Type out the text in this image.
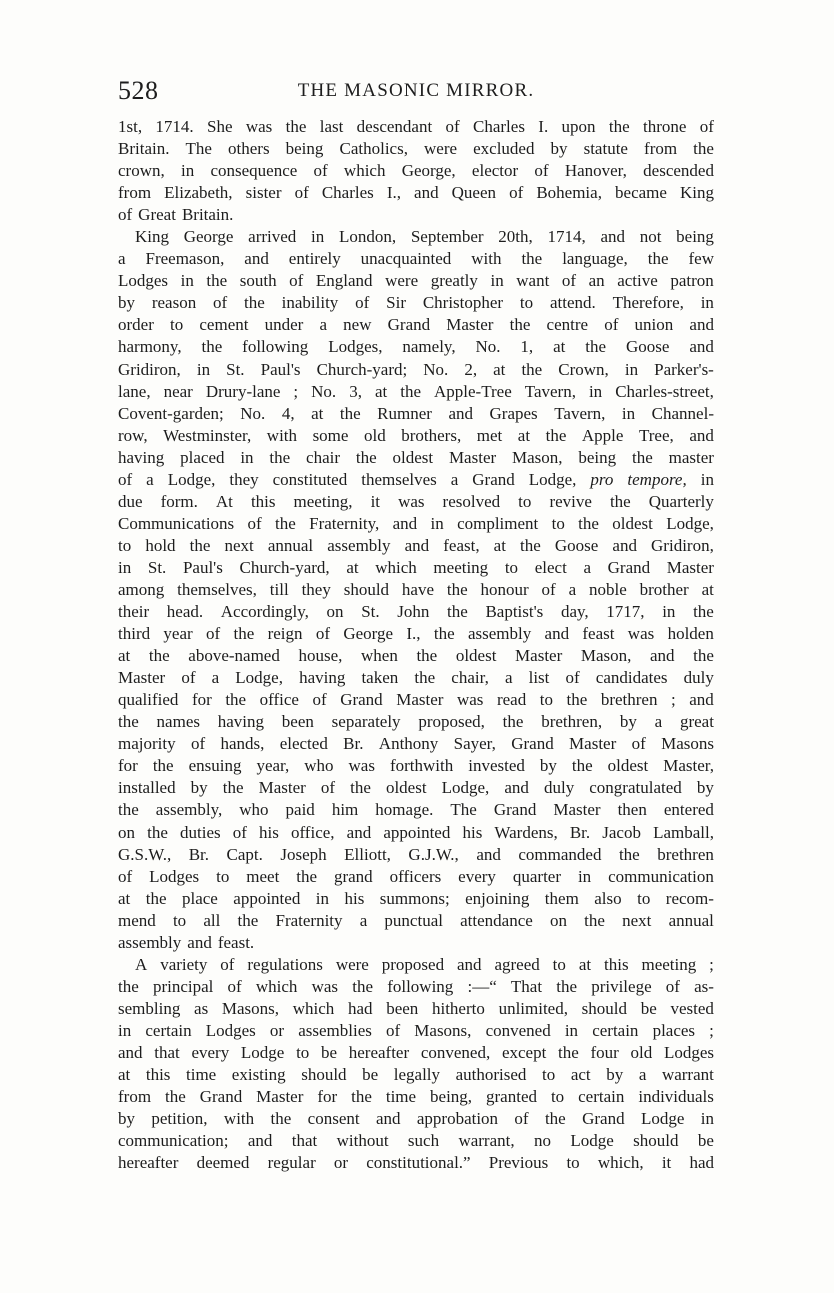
528	THE MASONIC MIRROR.
1st, 1714. She was the last descendant of Charles I. upon the throne of
Britain. The others being Catholics, were excluded by statute from the
crown, in consequence of which George, elector of Hanover, descended
from Elizabeth, sister of Charles I., and Queen of Bohemia, became King
of Great Britain.
King George arrived in London, September 20th, 1714, and not being
a Freemason, and entirely unacquainted with the language, the few
Lodges in the south of England were greatly in want of an active patron
by reason of the inability of Sir Christopher to attend. Therefore, in
order to cement under a new Grand Master the centre of union and
harmony, the following Lodges, namely, No. 1, at the Goose and
Gridiron, in St. Paul's Church-yard; No. 2, at the Crown, in Parker's-
lane, near Drury-lane ; No. 3, at the Apple-Tree Tavern, in Charles-street,
Covent-garden; No. 4, at the Rumner and Grapes Tavern, in Channel-
row, Westminster, with some old brothers, met at the Apple Tree, and
having placed in the chair the oldest Master Mason, being the master
of a Lodge, they constituted themselves a Grand Lodge, pro tempore, in
due form. At this meeting, it was resolved to revive the Quarterly
Communications of the Fraternity, and in compliment to the oldest Lodge,
to hold the next annual assembly and feast, at the Goose and Gridiron,
in St. Paul's Church-yard, at which meeting to elect a Grand Master
among themselves, till they should have the honour of a noble brother at
their head. Accordingly, on St. John the Baptist's day, 1717, in the
third year of the reign of George I., the assembly and feast was holden
at the above-named house, when the oldest Master Mason, and the
Master of a Lodge, having taken the chair, a list of candidates duly
qualified for the office of Grand Master was read to the brethren ; and
the names having been separately proposed, the brethren, by a great
majority of hands, elected Br. Anthony Sayer, Grand Master of Masons
for the ensuing year, who was forthwith invested by the oldest Master,
installed by the Master of the oldest Lodge, and duly congratulated by
the assembly, who paid him homage. The Grand Master then entered
on the duties of his office, and appointed his Wardens, Br. Jacob Lamball,
G.S.W., Br. Capt. Joseph Elliott, G.J.W., and commanded the brethren
of Lodges to meet the grand officers every quarter in communication
at the place appointed in his summons; enjoining them also to recom-
mend to all the Fraternity a punctual attendance on the next annual
assembly and feast.
A variety of regulations were proposed and agreed to at this meeting ;
the principal of which was the following :—“ That the privilege of as-
sembling as Masons, which had been hitherto unlimited, should be vested
in certain Lodges or assemblies of Masons, convened in certain places ;
and that every Lodge to be hereafter convened, except the four old Lodges
at this time existing should be legally authorised to act by a warrant
from the Grand Master for the time being, granted to certain individuals
by petition, with the consent and approbation of the Grand Lodge in
communication; and that without such warrant, no Lodge should be
hereafter deemed regular or constitutional.” Previous to which, it had
